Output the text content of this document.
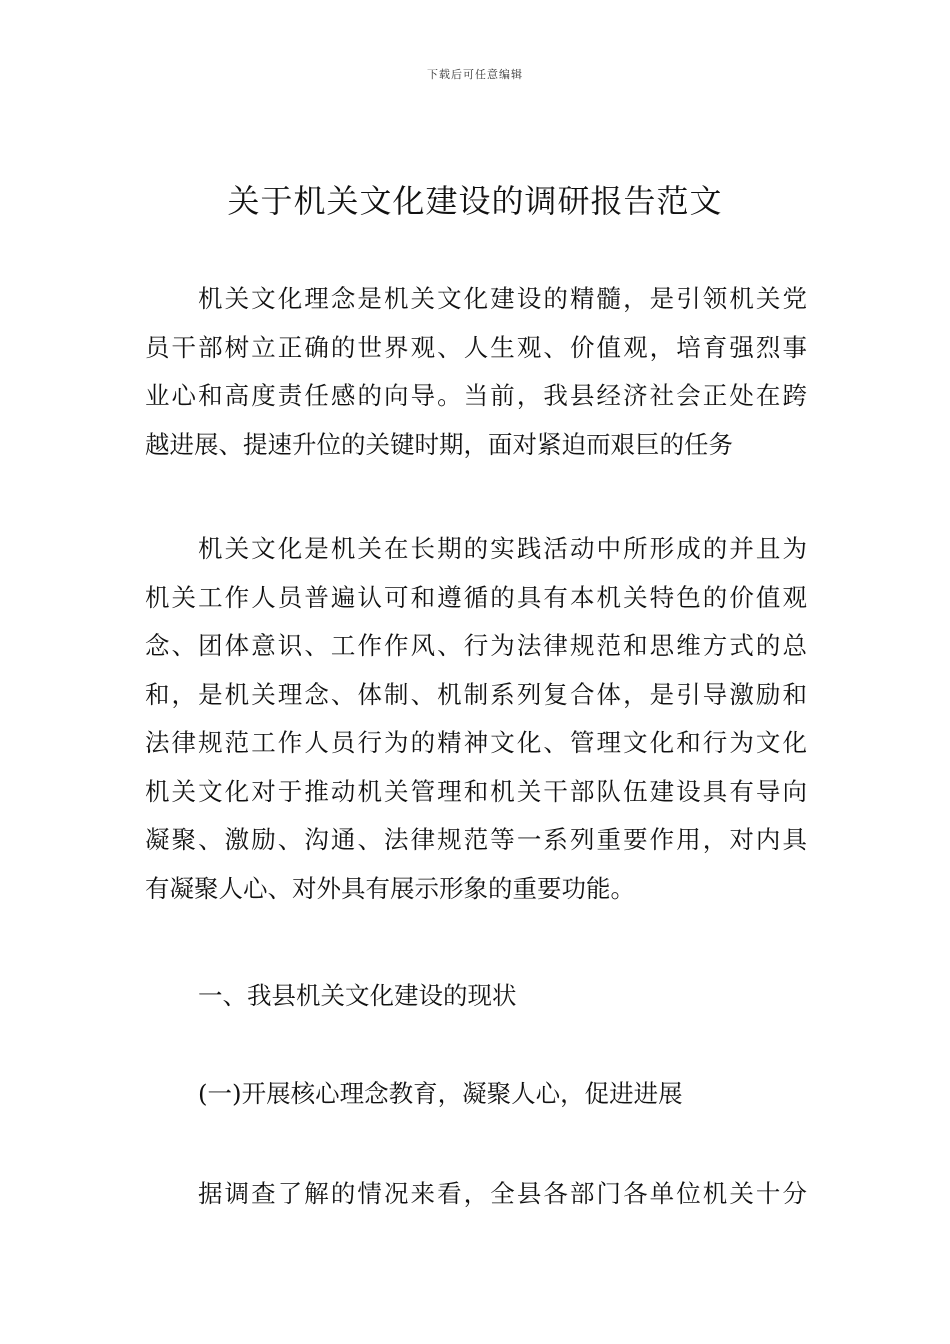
下载后可任意编辑
关于机关文化建设的调研报告范文
机关文化理念是机关文化建设的精髓，是引领机关党
员干部树立正确的世界观、人生观、价值观，培育强烈事
业心和高度责任感的向导。当前，我县经济社会正处在跨
越进展、提速升位的关键时期，面对紧迫而艰巨的任务
机关文化是机关在长期的实践活动中所形成的并且为
机关工作人员普遍认可和遵循的具有本机关特色的价值观
念、团体意识、工作作风、行为法律规范和思维方式的总
和，是机关理念、体制、机制系列复合体，是引导激励和
法律规范工作人员行为的精神文化、管理文化和行为文化
机关文化对于推动机关管理和机关干部队伍建设具有导向
凝聚、激励、沟通、法律规范等一系列重要作用，对内具
有凝聚人心、对外具有展示形象的重要功能。

一、我县机关文化建设的现状

(一)开展核心理念教育，凝聚人心，促进进展

据调查了解的情况来看，全县各部门各单位机关十分
